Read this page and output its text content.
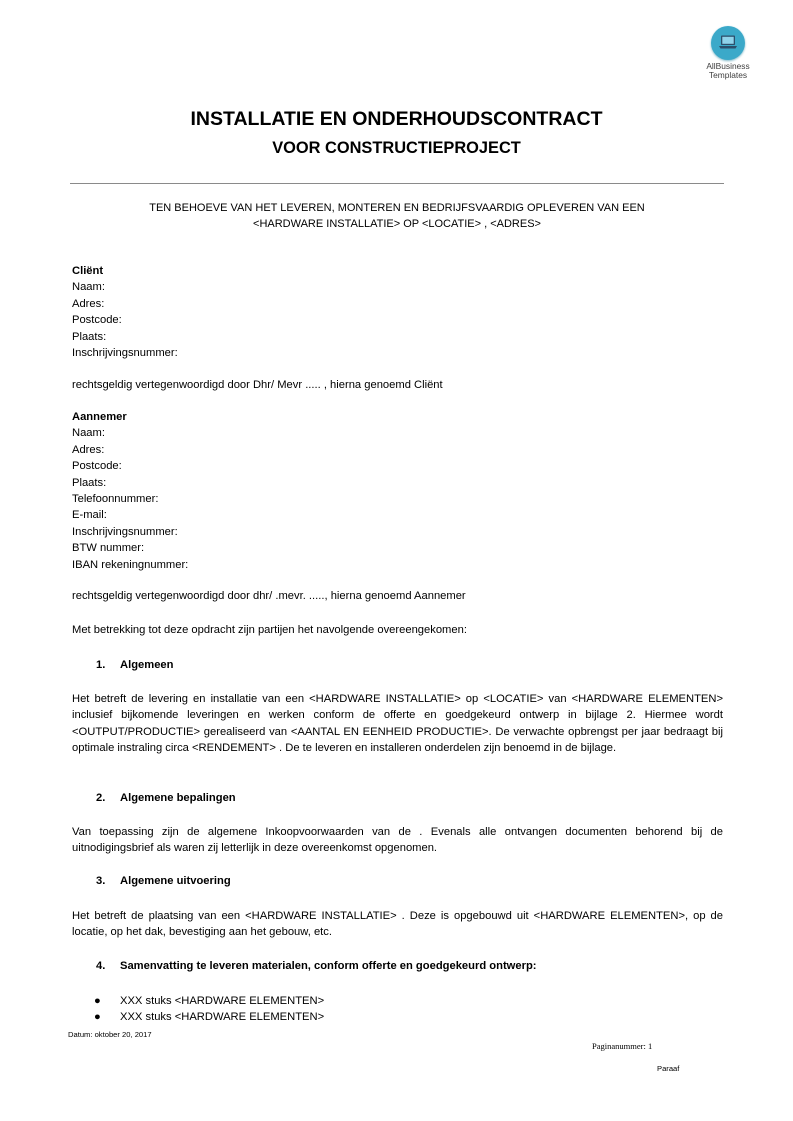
AllBusiness
Templates
INSTALLATIE EN ONDERHOUDSCONTRACT
VOOR CONSTRUCTIEPROJECT
TEN BEHOEVE VAN HET LEVEREN, MONTEREN EN BEDRIJFSVAARDIG OPLEVEREN VAN EEN
<HARDWARE INSTALLATIE> OP <LOCATIE> , <ADRES>
Cliënt
Naam:
Adres:
Postcode:
Plaats:
Inschrijvingsnummer:
rechtsgeldig vertegenwoordigd door Dhr/ Mevr ..... , hierna genoemd Cliënt
Aannemer
Naam:
Adres:
Postcode:
Plaats:
Telefoonnummer:
E-mail:
Inschrijvingsnummer:
BTW nummer:
IBAN rekeningnummer:
rechtsgeldig vertegenwoordigd door dhr/ .mevr. ....., hierna genoemd Aannemer
Met betrekking tot deze opdracht zijn partijen het navolgende overeengekomen:
1. Algemeen
Het betreft de levering en installatie van een <HARDWARE INSTALLATIE> op <LOCATIE> van <HARDWARE ELEMENTEN> inclusief bijkomende leveringen en werken conform de offerte en goedgekeurd ontwerp in bijlage 2. Hiermee wordt <OUTPUT/PRODUCTIE> gerealiseerd van <AANTAL EN EENHEID PRODUCTIE>. De verwachte opbrengst per jaar bedraagt bij optimale instraling circa <RENDEMENT> . De te leveren en installeren onderdelen zijn benoemd in de bijlage.
2. Algemene bepalingen
Van toepassing zijn de algemene Inkoopvoorwaarden van de . Evenals alle ontvangen documenten behorend bij de uitnodigingsbrief als waren zij letterlijk in deze overeenkomst opgenomen.
3. Algemene uitvoering
Het betreft de plaatsing van een <HARDWARE INSTALLATIE> . Deze is opgebouwd uit <HARDWARE ELEMENTEN>, op de locatie, op het dak, bevestiging aan het gebouw, etc.
4. Samenvatting te leveren materialen, conform offerte en goedgekeurd ontwerp:
● XXX stuks <HARDWARE ELEMENTEN>
● XXX stuks <HARDWARE ELEMENTEN>
Datum: oktober 20, 2017
Paginanummer: 1
Paraaf
